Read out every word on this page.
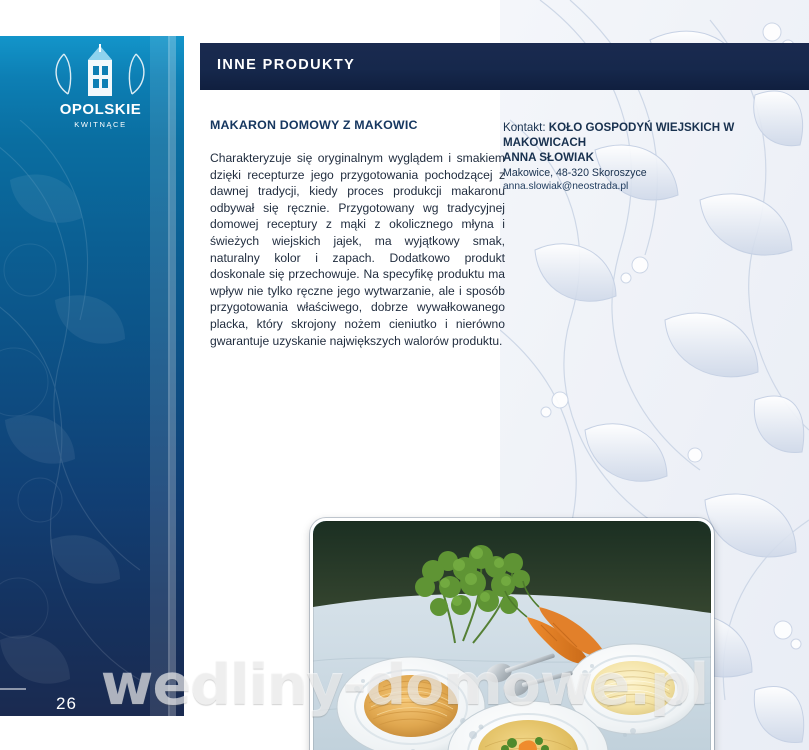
26
OPOLSKIE
KWITNĄCE
INNE PRODUKTY
MAKARON DOMOWY Z MAKOWIC
Charakteryzuje się oryginalnym wyglądem i smakiem dzięki recepturze jego przygotowania pochodzącej z dawnej tradycji, kiedy proces produkcji makaronu odbywał się ręcznie. Przygotowany wg tradycyjnej domowej receptury z mąki z okolicznego młyna i świeżych wiejskich jajek, ma wyjątkowy smak, naturalny kolor i zapach. Dodatkowo produkt doskonale się przechowuje. Na specyfikę produktu ma wpływ nie tylko ręczne jego wytwarzanie, ale i sposób przygotowania właściwego, dobrze wywałkowanego placka, który skrojony nożem cieniutko i nierówno gwarantuje uzyskanie największych walorów produktu.
Kontakt: KOŁO GOSPODYŃ WIEJSKICH W MAKOWICACH
ANNA SŁOWIAK
Makowice, 48-320 Skoroszyce
anna.slowiak@neostrada.pl
wedliny-domowe.pl
